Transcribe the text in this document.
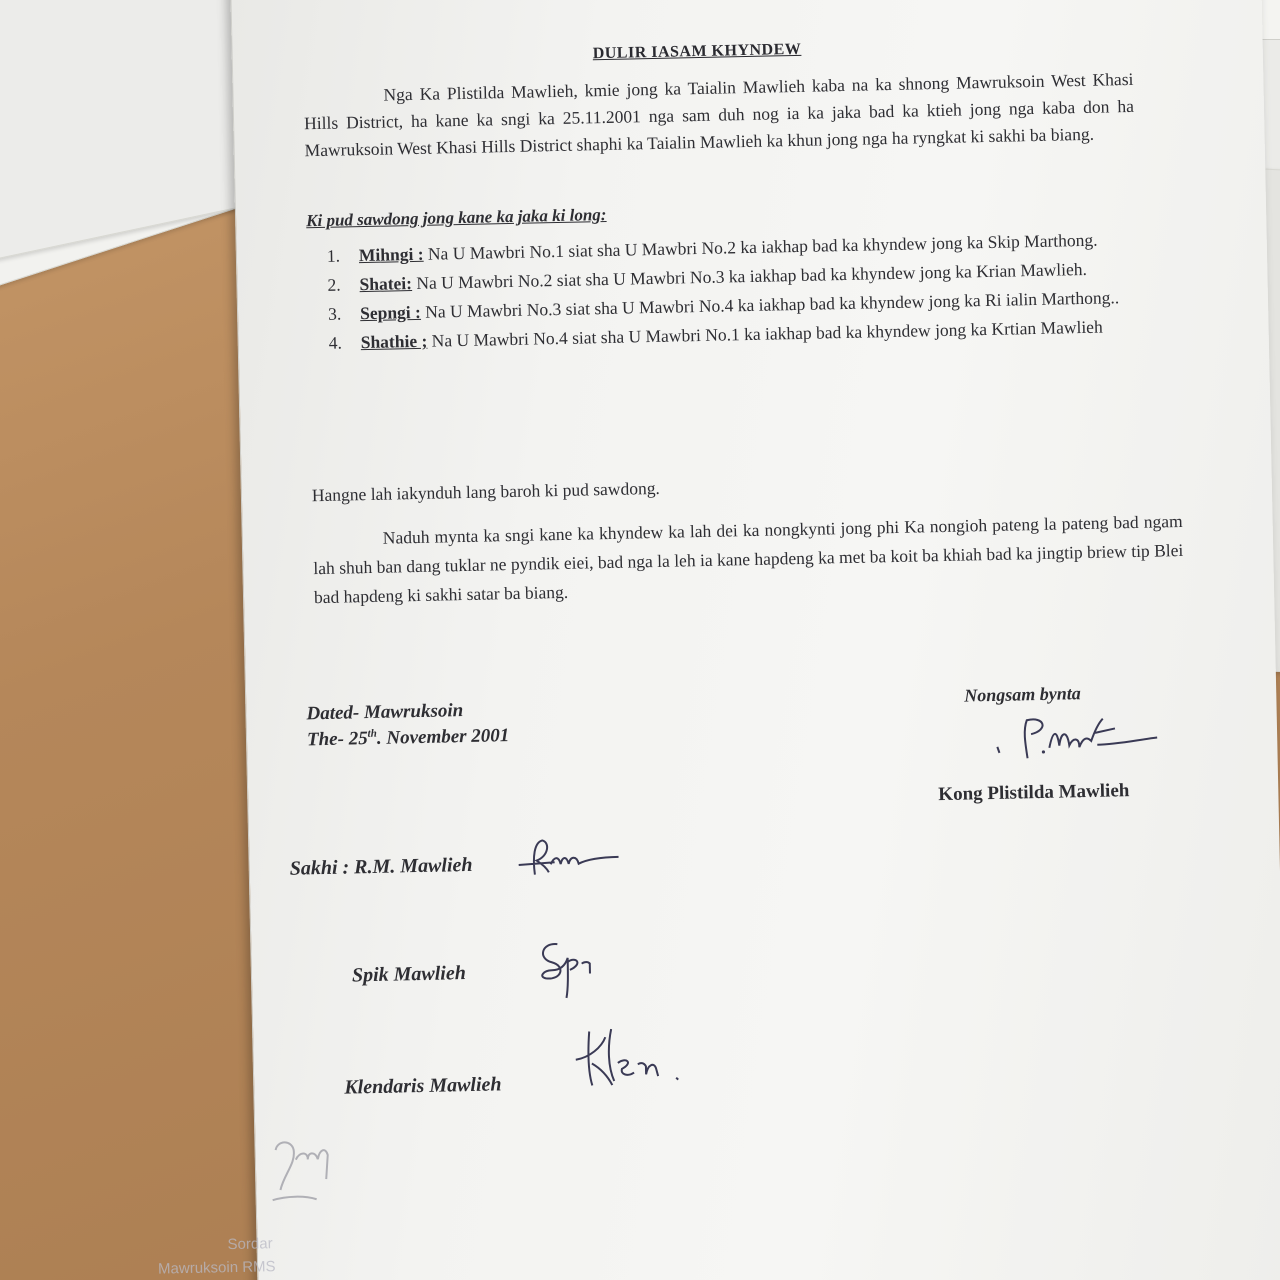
DULIR IASAM KHYNDEW
Nga Ka Plistilda Mawlieh, kmie jong ka Taialin Mawlieh kaba na ka shnong Mawruksoin West Khasi Hills District, ha kane ka sngi ka 25.11.2001 nga sam duh nog ia ka jaka bad ka ktieh jong nga kaba don ha Mawruksoin West Khasi Hills District shaphi ka Taialin Mawlieh ka khun jong nga ha ryngkat ki sakhi ba biang.
Ki pud sawdong jong kane ka jaka ki long:
1.	Mihngi : Na U Mawbri No.1 siat sha U Mawbri No.2 ka iakhap bad ka khyndew jong ka Skip Marthong.
2.	Shatei: Na U Mawbri No.2 siat sha U Mawbri No.3 ka iakhap bad ka khyndew jong ka Krian Mawlieh.
3.	Sepngi : Na U Mawbri No.3 siat sha U Mawbri No.4 ka iakhap bad ka khyndew jong ka Ri ialin Marthong..
4.	Shathie ; Na U Mawbri No.4 siat sha U Mawbri No.1 ka iakhap bad ka khyndew jong ka Krtian Mawlieh
Hangne lah iakynduh lang baroh ki pud sawdong.
Naduh mynta ka sngi kane ka khyndew ka lah dei ka nongkynti jong phi Ka nongioh pateng la pateng bad ngam lah shuh ban dang tuklar ne pyndik eiei, bad nga la leh ia kane hapdeng ka met ba koit ba khiah bad ka jingtip briew tip Blei bad hapdeng ki sakhi satar ba biang.
Dated- Mawruksoin
The- 25th. November 2001
Nongsam bynta
Kong Plistilda Mawlieh
Sakhi : R.M. Mawlieh
Spik Mawlieh
Klendaris Mawlieh
Sordar
Mawruksoin RMS
